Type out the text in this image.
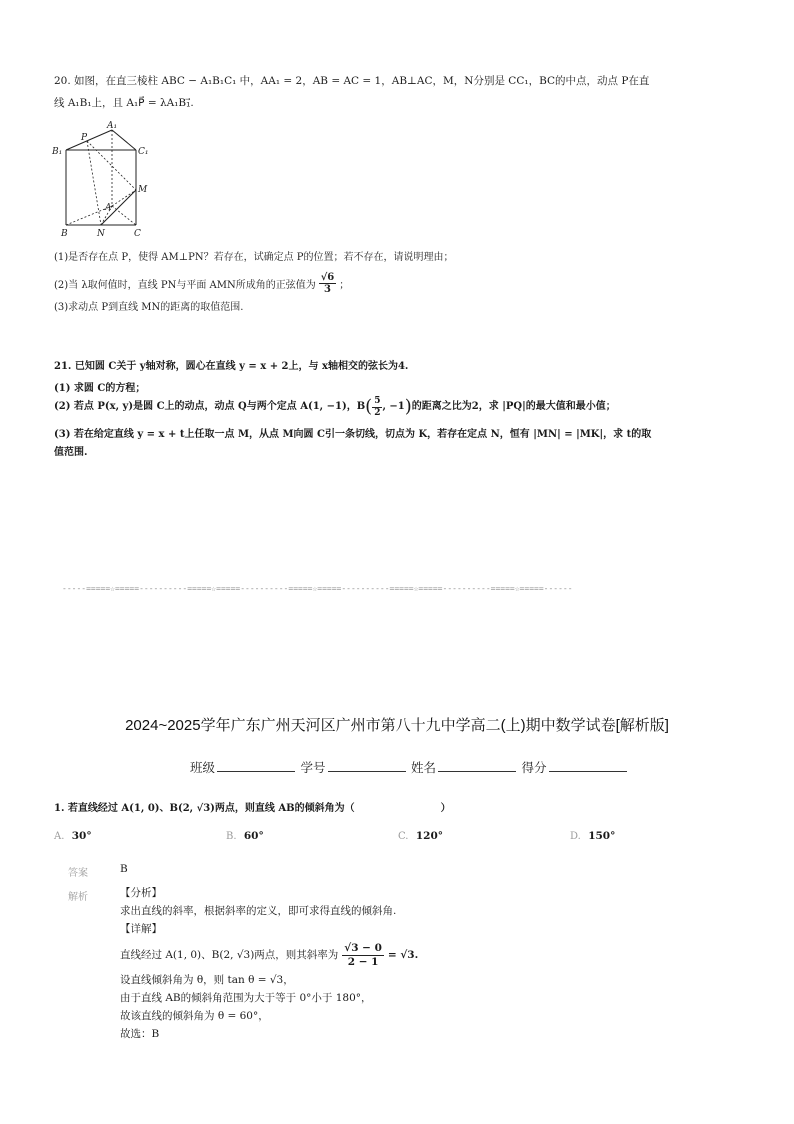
20. 如图，在直三棱柱 ABC − A₁B₁C₁ 中，AA₁ = 2，AB = AC = 1，AB⊥AC，M，N分别是 CC₁，BC的中点，动点 P在直
线 A₁B₁上，且 A₁P⃗ = λA₁B₁⃗.
A₁
B₁	C₁
P
M
A
B	N	C
(1)是否存在点 P，使得 AM⊥PN？若存在，试确定点 P的位置；若不存在，请说明理由；
(2)当 λ取何值时，直线 PN与平面 AMN所成角的正弦值为 $\frac{√6}{3}$ ；
(3)求动点 P到直线 MN的距离的取值范围.
21. 已知圆 C关于 y轴对称，圆心在直线 y = x + 2上，与 x轴相交的弦长为4.
(1) 求圆 C的方程；
(2) 若点 P(x, y)是圆 C上的动点，动点 Q与两个定点 A(1, −1)，B ( $\frac{5}{2}$ , −1 ) 的距离之比为2，求 |PQ|的最大值和最小值；
(3) 若在给定直线 y = x + t上任取一点 M，从点 M向圆 C引一条切线，切点为 K，若存在定点 N，恒有 |MN| = |MK|，求 t的取
值范围.
-----=====☆=====----------=====☆=====----------=====☆=====----------=====☆=====----------=====☆=====------
2024~2025学年广东广州天河区广州市第八十九中学高二(上)期中数学试卷[解析版]
班级	学号	姓名	得分
1. 若直线经过 A(1, 0)、B (2, √3) 两点，则直线 AB的倾斜角为（	）
A. 30°	B. 60°	C. 120°	D. 150°
答案	B
解析	【分析】
求出直线的斜率，根据斜率的定义，即可求得直线的倾斜角.
【详解】
直线经过 A(1, 0)、B(2, √3)两点，则其斜率为 $\frac{√3 - 0}{2 - 1} = √3$.
设直线倾斜角为 θ，则 tan θ = √3，
由于直线 AB的倾斜角范围为大于等于 0°小于 180°，
故该直线的倾斜角为 θ = 60°，
故选：B
